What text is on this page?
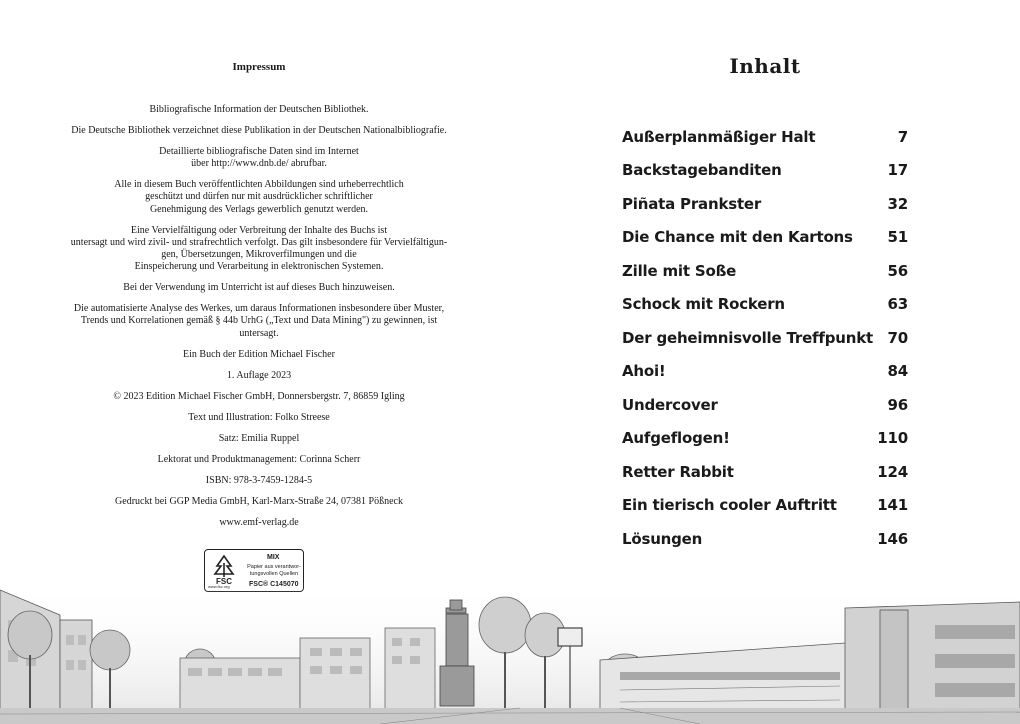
Impressum

Bibliografische Information der Deutschen Bibliothek.

Die Deutsche Bibliothek verzeichnet diese Publikation in der Deutschen Nationalbibliografie.

Detaillierte bibliografische Daten sind im Internet
über http://www.dnb.de/ abrufbar.

Alle in diesem Buch veröffentlichten Abbildungen sind urheberrechtlich
geschützt und dürfen nur mit ausdrücklicher schriftlicher
Genehmigung des Verlags gewerblich genutzt werden.

Eine Vervielfältigung oder Verbreitung der Inhalte des Buchs ist
untersagt und wird zivil- und strafrechtlich verfolgt. Das gilt insbesondere für Vervielfältigun-
gen, Übersetzungen, Mikroverfilmungen und die
Einspeicherung und Verarbeitung in elektronischen Systemen.

Bei der Verwendung im Unterricht ist auf dieses Buch hinzuweisen.

Die automatisierte Analyse des Werkes, um daraus Informationen insbesondere über Muster,
Trends und Korrelationen gemäß § 44b UrhG („Text und Data Mining") zu gewinnen, ist
untersagt.

Ein Buch der Edition Michael Fischer

1. Auflage 2023

© 2023 Edition Michael Fischer GmbH, Donnersbergstr. 7, 86859 Igling

Text und Illustration: Folko Streese

Satz: Emilia Ruppel

Lektorat und Produktmanagement: Corinna Scherr

ISBN: 978-3-7459-1284-5

Gedruckt bei GGP Media GmbH, Karl-Marx-Straße 24, 07381 Pößneck

www.emf-verlag.de

MIX
Papier aus verantwor-
tungsvollen Quellen
Inhalt
Außerplanmäßiger Halt	7
Backstagebanditen	17
Piñata Prankster	32
Die Chance mit den Kartons 51
Zille mit Soße	56
Schock mit Rockern	63
Der geheimnisvolle Treffpunkt 70
Ahoi!	84
Undercover	96
Aufgeflogen!	110
Retter Rabbit	124
Ein tierisch cooler Auftritt	141
Lösungen	146
